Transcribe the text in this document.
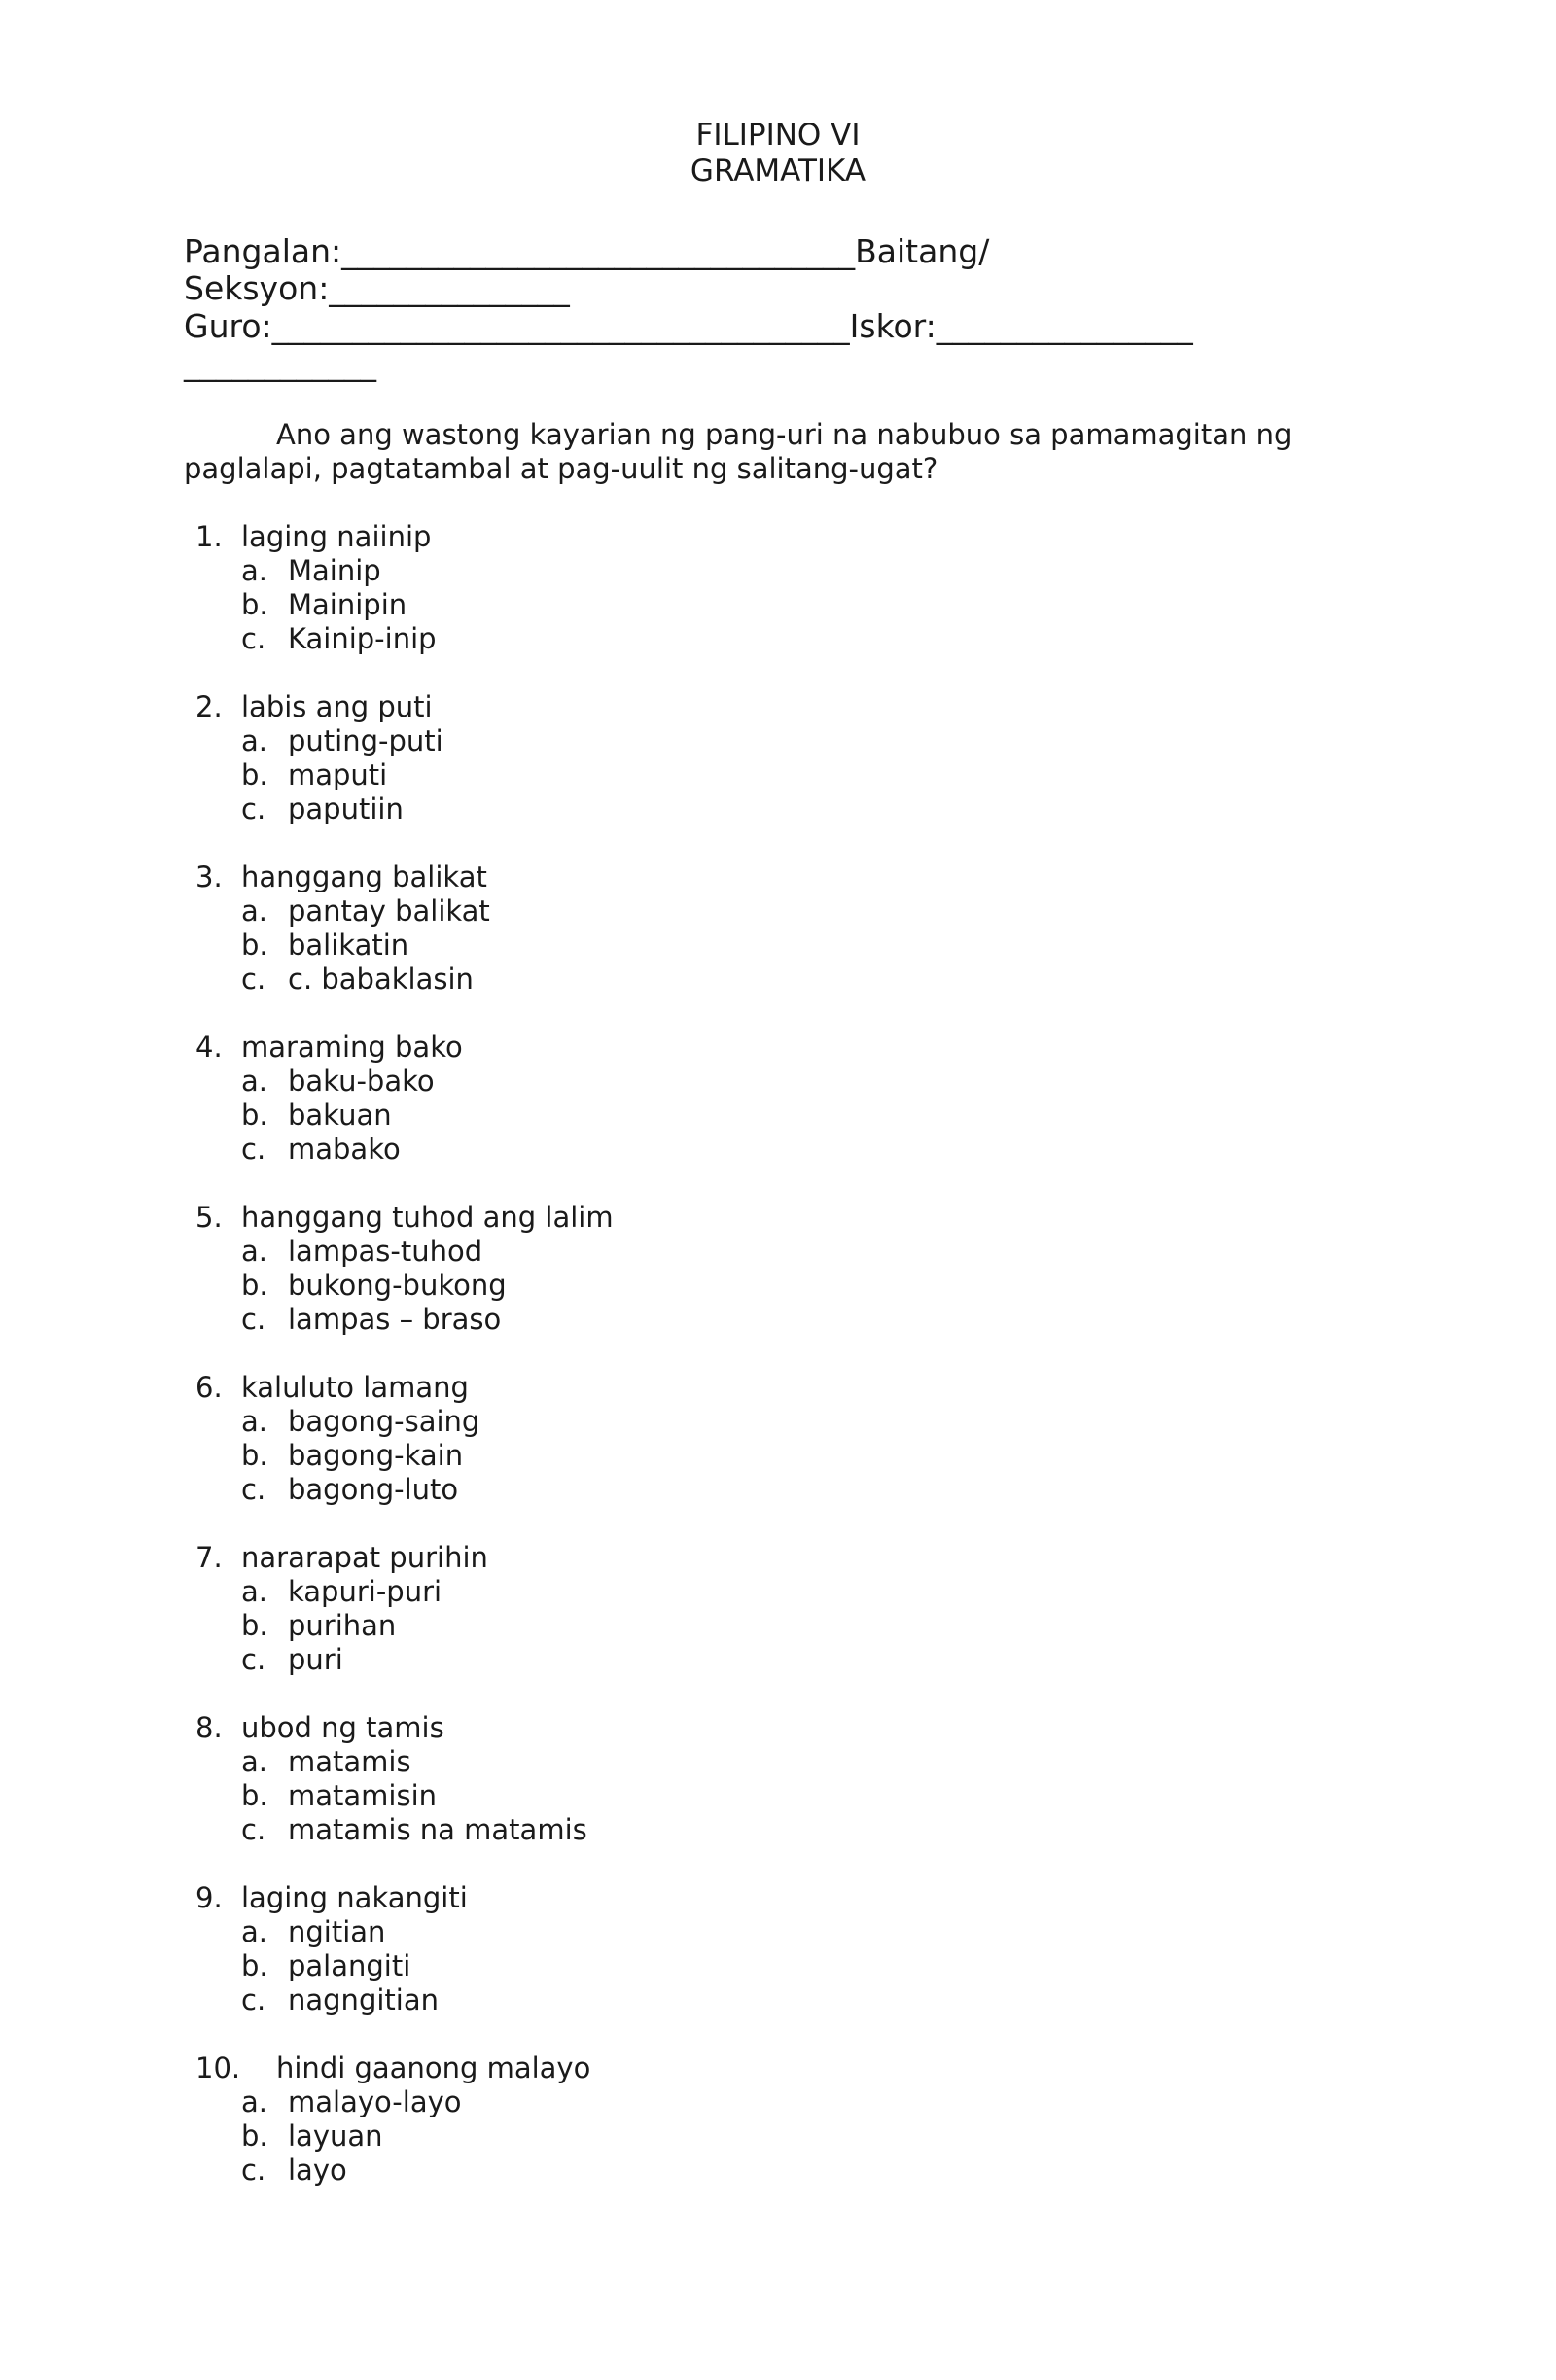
FILIPINO VI
GRAMATIKA
Pangalan:________________________________Baitang/
Seksyon:_______________
Guro:____________________________________Iskor:________________
____________
Ano ang wastong kayarian ng pang-uri na nabubuo sa pamamagitan ng paglalapi, pagtatambal at pag-uulit ng salitang-ugat?
1. laging naiinip
a. Mainip
b. Mainipin
c. Kainip-inip
2. labis ang puti
a. puting-puti
b. maputi
c. paputiin
3. hanggang balikat
a. pantay balikat
b. balikatin
c. c. babaklasin
4. maraming bako
a. baku-bako
b. bakuan
c. mabako
5. hanggang tuhod ang lalim
a. lampas-tuhod
b. bukong-bukong
c. lampas – braso
6. kaluluto lamang
a. bagong-saing
b. bagong-kain
c. bagong-luto
7. nararapat purihin
a. kapuri-puri
b. purihan
c. puri
8. ubod ng tamis
a. matamis
b. matamisin
c. matamis na matamis
9. laging nakangiti
a. ngitian
b. palangiti
c. nagngitian
10. hindi gaanong malayo
a. malayo-layo
b. layuan
c. layo
